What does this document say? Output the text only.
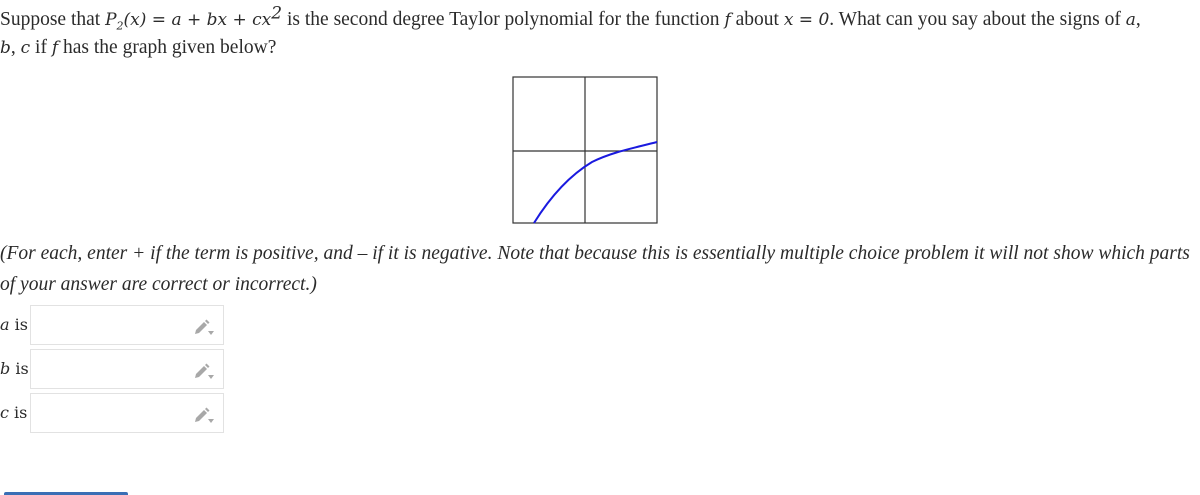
Suppose that $P_2(x) = a$ + bx + $cx^2$ is the second degree Taylor polynomial for the function f about x = 0. What can you say about the signs of a,
b, c if f has the graph given below?
(For each, enter + if the term is positive, and – if it is negative. Note that because this is essentially multiple choice problem it will not show which parts of your answer are correct or incorrect.)
a is
b is
c is
